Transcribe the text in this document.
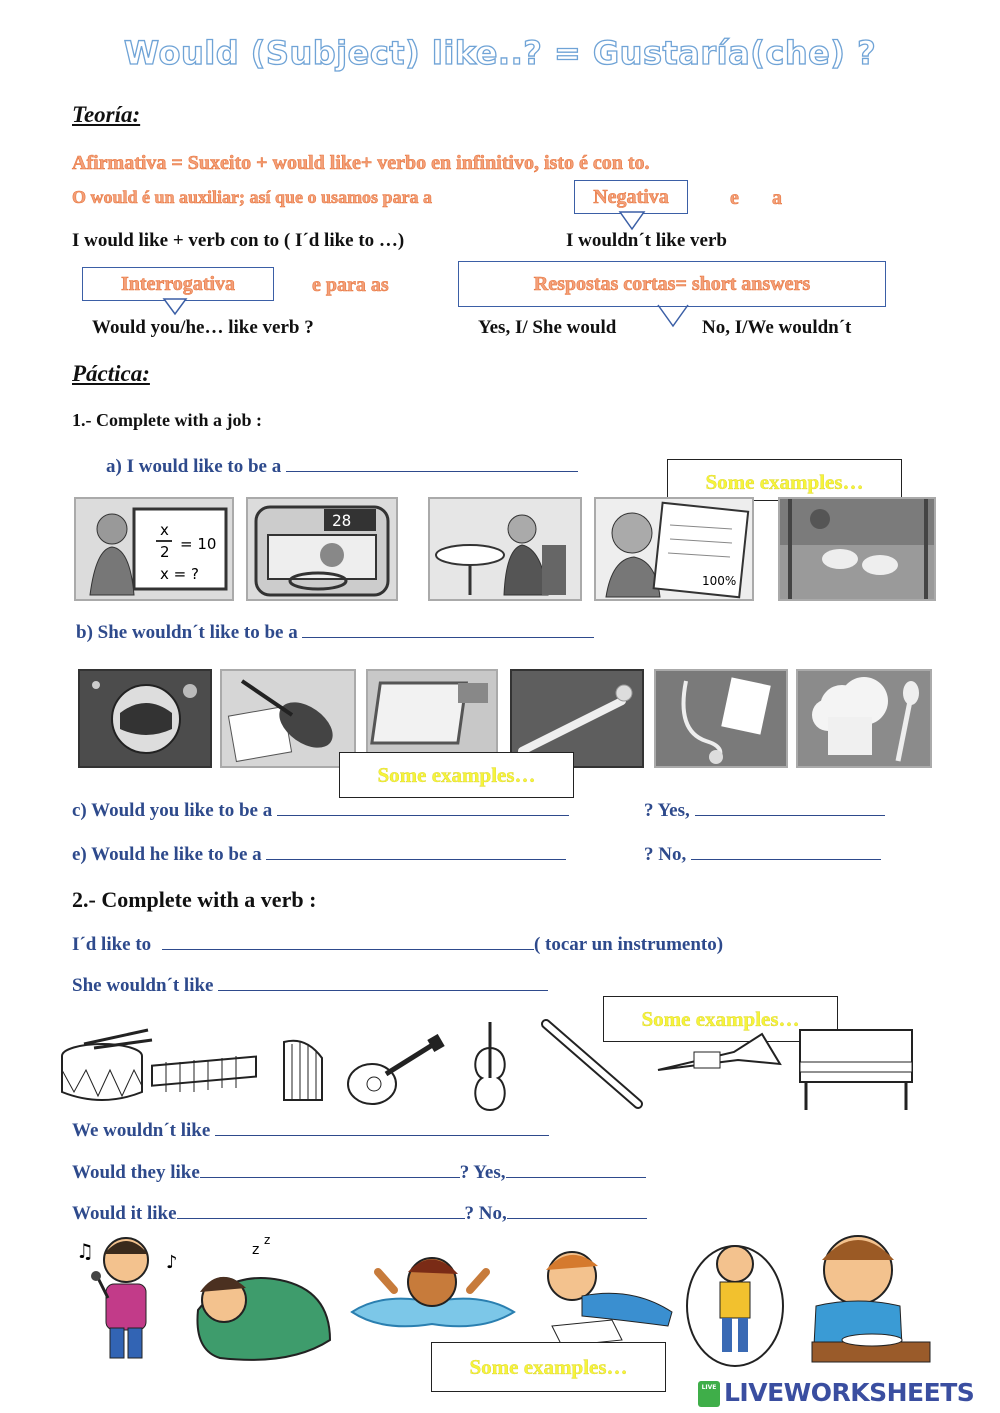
Would (Subject) like..? = Gustaría(che) ?
Teoría:
Afirmativa = Suxeito + would like+ verbo en infinitivo, isto é con to.
O would é un auxiliar; así que o usamos para a	Negativa	e a
I would like + verb con to ( I´d like to …)	I wouldn´t like verb
Interrogativa	e para as	Respostas cortas= short answers
Would you/he… like verb ?	Yes, I/ She would	No, I/We wouldn´t
Páctica:
1.- Complete with a job :
a) I would like to be a
Some examples…
x
2 = 10
x = ?
28
100%
b) She wouldn´t like to be a
Some examples…
c) Would you like to be a	? Yes,
e) Would he like to be a	? No,
2.- Complete with a verb :
I´d like to	( tocar un instrumento)
She wouldn´t like
Some examples…
We wouldn´t like
Would they like	? Yes,
Would it like	? No,
♫	♪
z
z
Some examples…
LIVE LIVEWORKSHEETS
